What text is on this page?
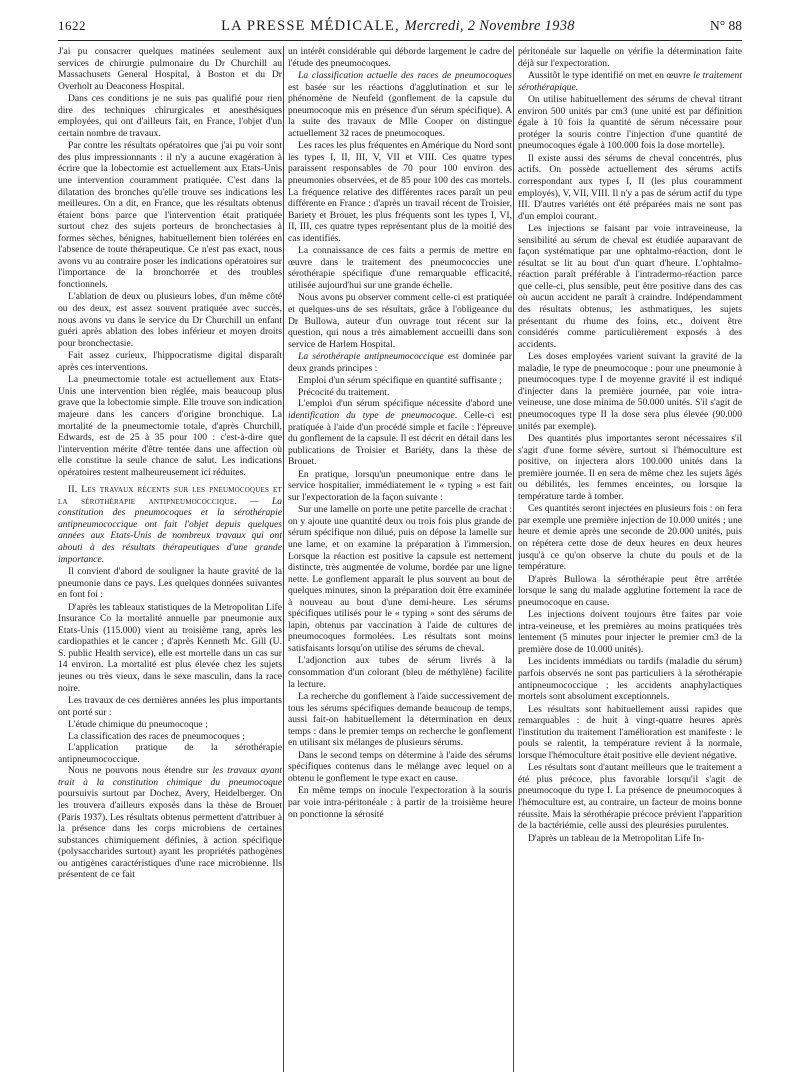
1622	LA PRESSE MÉDICALE, Mercredi, 2 Novembre 1938	N° 88

J'ai pu consacrer quelques matinées seulement aux services de chirurgie pulmonaire du Dr Churchill au Massachusets General Hospital, à Boston et du Dr Overholt au Deaconess Hospital.

Dans ces conditions je ne suis pas qualifié pour rien dire des techniques chirurgicales et anesthésiques employées, qui ont d'ailleurs fait, en France, l'objet d'un certain nombre de travaux.

Par contre les résultats opératoires que j'ai pu voir sont des plus impressionnants : il n'y a aucune exagération à écrire que la lobectomie est actuellement aux Etats-Unis une intervention couramment pratiquée. C'est dans la dilatation des bronches qu'elle trouve ses indications les meilleures. On a dit, en France, que les résultats obtenus étaient bons parce que l'intervention était pratiquée surtout chez des sujets porteurs de bronchectasies à formes sèches, bénignes, habituellement bien tolérées en l'absence de toute thérapeutique. Ce n'est pas exact, nous avons vu au contraire poser les indications opératoires sur l'importance de la bronchorrée et des troubles fonctionnels.

L'ablation de deux ou plusieurs lobes, d'un même côté ou des deux, est assez souvent pratiquée avec succès, nous avons vu dans le service du Dr Churchill un enfant guéri après ablation des lobes inférieur et moyen droits pour bronchectasie.

Fait assez curieux, l'hippocratisme digital disparaît après ces interventions.

La pneumectomie totale est actuellement aux Etats-Unis une intervention bien réglée, mais beaucoup plus grave que la lobectomie simple. Elle trouve son indication majeure dans les cancers d'origine bronchique. La mortalité de la pneumectomie totale, d'après Churchill, Edwards, est de 25 à 35 pour 100 : c'est-à-dire que l'intervention mérite d'être tentée dans une affection où elle constitue la seule chance de salut. Les indications opératoires restent malheureusement ici réduites.

II. Les travaux récents sur les pneumocoques et la sérothérapie antipneumococcique. — La constitution des pneumocoques et la sérothérapie antipneumococcique ont fait l'objet depuis quelques années aux Etats-Unis de nombreux travaux qui ont abouti à des résultats thérapeutiques d'une grande importance.

Il convient d'abord de souligner la haute gravité de la pneumonie dans ce pays. Les quelques données suivantes en font foi :

D'après les tableaux statistiques de la Metropolitan Life Insurance Co la mortalité annuelle par pneumonie aux Etats-Unis (115.000) vient au troisième rang, après les cardiopathies et le cancer ; d'après Kenneth Mc. Gill (U. S. public Health service), elle est mortelle dans un cas sur 14 environ. La mortalité est plus élevée chez les sujets jeunes ou très vieux, dans le sexe masculin, dans la race noire.

Les travaux de ces dernières années les plus importants ont porté sur :

L'étude chimique du pneumocoque ;

La classification des races de pneumocoques ;

L'application pratique de la sérothérapie antipneumococcique.

Nous ne pouvons nous étendre sur les travaux ayant trait à la constitution chimique du pneumocoque poursuivis surtout par Dochez, Avery, Heidelberger. On les trouvera d'ailleurs exposés dans la thèse de Brouet (Paris 1937). Les résultats obtenus permettent d'attribuer à la présence dans les corps microbiens de certaines substances chimiquement définies, à action spécifique (polysaccharides surtout) ayant les propriétés pathogènes ou antigènes caractéristiques d'une race microbienne. Ils présentent de ce fait

un intérêt considérable qui déborde largement le cadre de l'étude des pneumocoques.

La classification actuelle des races de pneumocoques est basée sur les réactions d'agglutination et sur le phénomène de Neufeld (gonflement de la capsule du pneumocoque mis en présence d'un sérum spécifique). A la suite des travaux de Mlle Cooper on distingue actuellement 32 races de pneumocoques.

Les races les plus fréquentes en Amérique du Nord sont les types I, II, III, V, VII et VIII. Ces quatre types paraissent responsables de 70 pour 100 environ des pneumonies observées, et de 85 pour 100 des cas mortels. La fréquence relative des différentes races paraît un peu différente en France : d'après un travail récent de Troisier, Bariety et Brouet, les plus fréquents sont les types I, VI, II, III, ces quatre types représentant plus de la moitié des cas identifiés.

La connaissance de ces faits a permis de mettre en œuvre dans le traitement des pneumococcies une sérothérapie spécifique d'une remarquable efficacité, utilisée aujourd'hui sur une grande échelle.

Nous avons pu observer comment celle-ci est pratiquée et quelques-uns de ses résultats, grâce à l'obligeance du Dr Bullowa, auteur d'un ouvrage tout récent sur la question, qui nous a très aimablement accueilli dans son service de Harlem Hospital.

La sérothérapie antipneumococcique est dominée par deux grands principes :

Emploi d'un sérum spécifique en quantité suffisante ;

Précocité du traitement.

L'emploi d'un sérum spécifique nécessite d'abord une identification du type de pneumocoque. Celle-ci est pratiquée à l'aide d'un procédé simple et facile : l'épreuve du gonflement de la capsule. Il est décrit en détail dans les publications de Troisier et Bariéty, dans la thèse de Brouet.

En pratique, lorsqu'un pneumonique entre dans le service hospitalier, immédiatement le « typing » est fait sur l'expectoration de la façon suivante :

Sur une lamelle on porte une petite parcelle de crachat : on y ajoute une quantité deux ou trois fois plus grande de sérum spécifique non dilué, puis on dépose la lamelle sur une lame, et on examine la préparation à l'immersion. Lorsque la réaction est positive la capsule est nettement distincte, très augmentée de volume, bordée par une ligne nette. Le gonflement apparaît le plus souvent au bout de quelques minutes, sinon la préparation doit être examinée à nouveau au bout d'une demi-heure. Les sérums spécifiques utilisés pour le « typing » sont des sérums de lapin, obtenus par vaccination à l'aide de cultures de pneumocoques formolées. Les résultats sont moins satisfaisants lorsqu'on utilise des sérums de cheval.

L'adjonction aux tubes de sérum livrés à la consommation d'un colorant (bleu de méthylène) facilite la lecture.

La recherche du gonflement à l'aide successivement de tous les sérums spécifiques demande beaucoup de temps, aussi fait-on habituellement la détermination en deux temps : dans le premier temps on recherche le gonflement en utilisant six mélanges de plusieurs sérums.

Dans le second temps on détermine à l'aide des sérums spécifiques contenus dans le mélange avec lequel on a obtenu le gonflement le type exact en cause.

En même temps on inocule l'expectoration à la souris par voie intra-péritonéale : à partir de la troisième heure on ponctionne la sérosité

péritonéale sur laquelle on vérifie la détermination faite déjà sur l'expectoration.

Aussitôt le type identifié on met en œuvre le traitement sérothérapique.

On utilise habituellement des sérums de cheval titrant environ 500 unités par cm3 (une unité est par définition égale à 10 fois la quantité de sérum nécessaire pour protéger la souris contre l'injection d'une quantité de pneumocoques égale à 100.000 fois la dose mortelle).

Il existe aussi des sérums de cheval concentrés, plus actifs. On possède actuellement des sérums actifs correspondant aux types I, II (les plus couramment employés), V, VII, VIII. Il n'y a pas de sérum actif du type III. D'autres variétés ont été préparées mais ne sont pas d'un emploi courant.

Les injections se faisant par voie intraveineuse, la sensibilité au sérum de cheval est étudiée auparavant de façon systématique par une ophtalmo-réaction, dont le résultat se lit au bout d'un quart d'heure. L'ophtalmo-réaction paraît préférable à l'intradermo-réaction parce que celle-ci, plus sensible, peut être positive dans des cas où aucun accident ne paraît à craindre. Indépendamment des résultats obtenus, les asthmatiques, les sujets présentant du rhume des foins, etc., doivent être considérés comme particulièrement exposés à des accidents.

Les doses employées varient suivant la gravité de la maladie, le type de pneumocoque : pour une pneumonie à pneumocoques type I de moyenne gravité il est indiqué d'injecter dans la première journée, par voie intra-veineuse, une dose minima de 50.000 unités. S'il s'agit de pneumocoques type II la dose sera plus élevée (90.000 unités par exemple).

Des quantités plus importantes seront nécessaires s'il s'agit d'une forme sévère, surtout si l'hémoculture est positive, on injectera alors 100.000 unités dans la première journée. Il en sera de même chez les sujets âgés ou débilités, les femmes enceintes, ou lorsque la température tarde à tomber.

Ces quantités seront injectées en plusieurs fois : on fera par exemple une première injection de 10.000 unités ; une heure et demie après une seconde de 20.000 unités, puis on répétera cette dose de deux heures en deux heures jusqu'à ce qu'on observe la chute du pouls et de la température.

D'après Bullowa la sérothérapie peut être arrêtée lorsque le sang du malade agglutine fortement la race de pneumocoque en cause.

Les injections doivent toujours être faites par voie intra-veineuse, et les premières au moins pratiquées très lentement (5 minutes pour injecter le premier cm3 de la première dose de 10.000 unités).

Les incidents immédiats ou tardifs (maladie du sérum) parfois observés ne sont pas particuliers à la sérothérapie antipneumococcique ; les accidents anaphylactiques mortels sont absolument exceptionnels.

Les résultats sont habituellement aussi rapides que remarquables : de huit à vingt-quatre heures après l'institution du traitement l'amélioration est manifeste : le pouls se ralentit, la température revient à la normale, lorsque l'hémoculture était positive elle devient négative.

Les résultats sont d'autant meilleurs que le traitement a été plus précoce, plus favorable lorsqu'il s'agit de pneumocoque du type I. La présence de pneumocoques à l'hémoculture est, au contraire, un facteur de moins bonne réussite. Mais la sérothérapie précoce prévient l'apparition de la bactériémie, celle aussi des pleurésies purulentes.

D'après un tableau de la Metropolitan Life In-
